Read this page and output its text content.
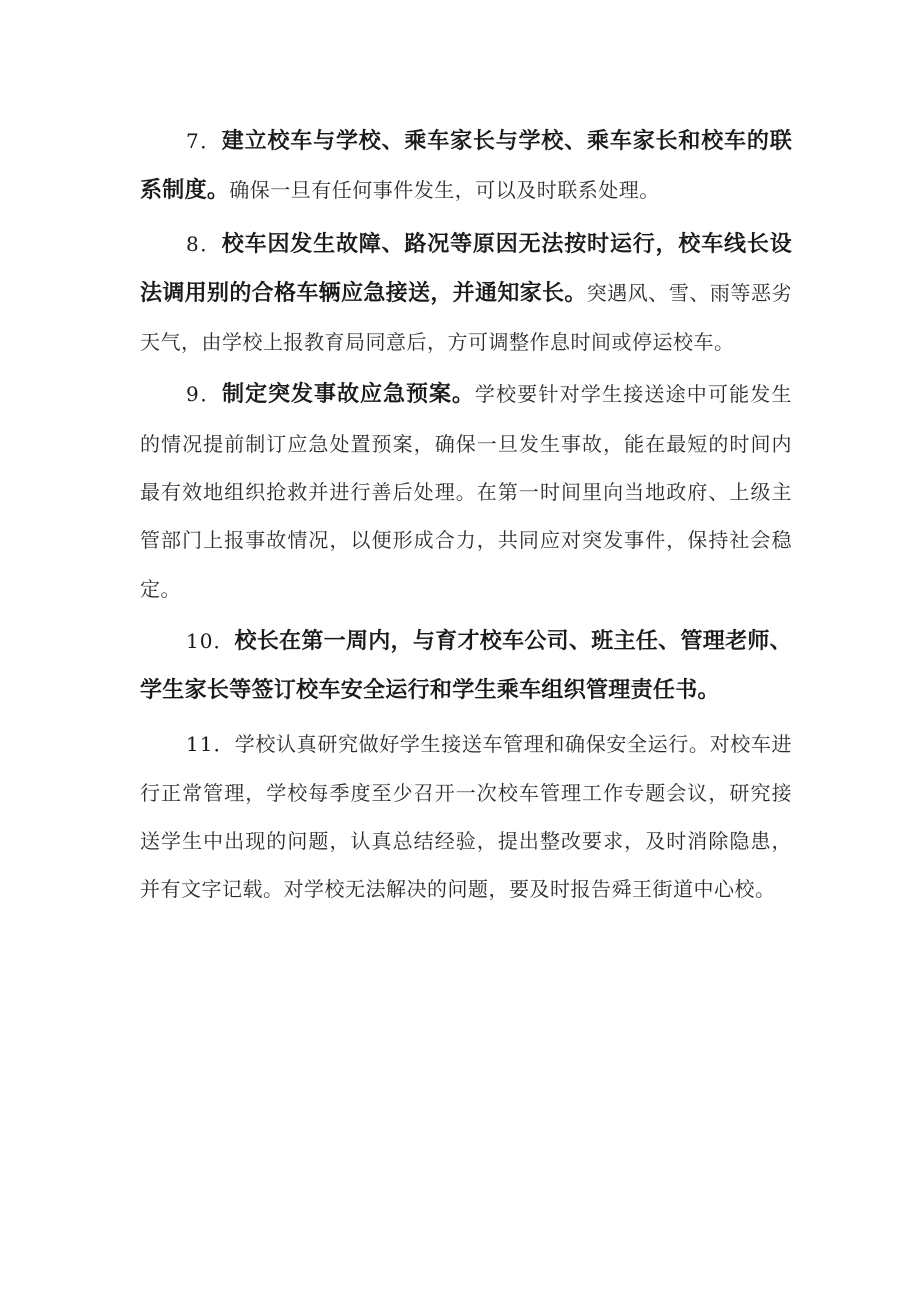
7．建立校车与学校、乘车家长与学校、乘车家长和校车的联系制度。确保一旦有任何事件发生，可以及时联系处理。

8．校车因发生故障、路况等原因无法按时运行，校车线长设法调用别的合格车辆应急接送，并通知家长。突遇风、雪、雨等恶劣天气，由学校上报教育局同意后，方可调整作息时间或停运校车。

9．制定突发事故应急预案。学校要针对学生接送途中可能发生的情况提前制订应急处置预案，确保一旦发生事故，能在最短的时间内最有效地组织抢救并进行善后处理。在第一时间里向当地政府、上级主管部门上报事故情况，以便形成合力，共同应对突发事件，保持社会稳定。

10．校长在第一周内，与育才校车公司、班主任、管理老师、学生家长等签订校车安全运行和学生乘车组织管理责任书。

11．学校认真研究做好学生接送车管理和确保安全运行。对校车进行正常管理，学校每季度至少召开一次校车管理工作专题会议，研究接送学生中出现的问题，认真总结经验，提出整改要求，及时消除隐患，并有文字记载。对学校无法解决的问题，要及时报告舜王街道中心校。
